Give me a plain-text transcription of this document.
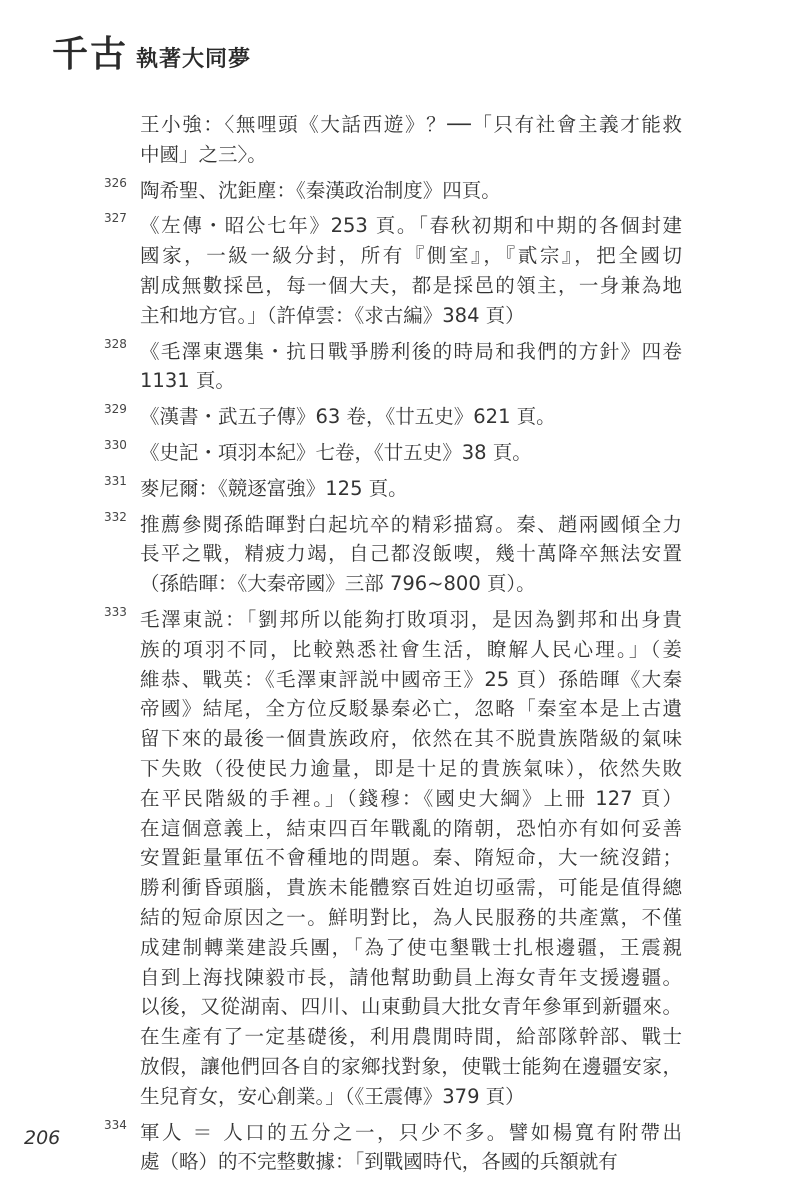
千古 執著大同夢
王小強：〈無哩頭《大話西遊》？──「只有社會主義才能救
中國」之三〉。
326 陶希聖、沈鉅塵：《秦漢政治制度》四頁。
327 《左傳・昭公七年》253 頁。「春秋初期和中期的各個封建
國家，一級一級分封，所有『側室』，『貳宗』，把全國切
割成無數採邑，每一個大夫，都是採邑的領主，一身兼為地
主和地方官。」（許倬雲：《求古編》384 頁）
328 《毛澤東選集・抗日戰爭勝利後的時局和我們的方針》四卷
1131 頁。
329 《漢書・武五子傳》63 卷，《廿五史》621 頁。
330 《史記・項羽本紀》七卷，《廿五史》38 頁。
331 麥尼爾：《競逐富強》125 頁。
332 推薦參閱孫皓暉對白起坑卒的精彩描寫。秦、趙兩國傾全力
長平之戰，精疲力竭，自己都沒飯喫，幾十萬降卒無法安置
（孫皓暉：《大秦帝國》三部 796~800 頁）。
333 毛澤東説：「劉邦所以能夠打敗項羽，是因為劉邦和出身貴
族的項羽不同，比較熟悉社會生活，瞭解人民心理。」（姜
維恭、戰英：《毛澤東評説中國帝王》25 頁）孫皓暉《大秦
帝國》結尾，全方位反駁暴秦必亡，忽略「秦室本是上古遺
留下來的最後一個貴族政府，依然在其不脱貴族階級的氣味
下失敗（役使民力逾量，即是十足的貴族氣味），依然失敗
在平民階級的手裡。」（錢穆：《國史大綱》上冊 127 頁）
在這個意義上，結束四百年戰亂的隋朝，恐怕亦有如何妥善
安置鉅量軍伍不會種地的問題。秦、隋短命，大一統沒錯；
勝利衝昏頭腦，貴族未能體察百姓迫切亟需，可能是值得總
結的短命原因之一。鮮明對比，為人民服務的共產黨，不僅
成建制轉業建設兵團，「為了使屯墾戰士扎根邊疆，王震親
自到上海找陳毅市長，請他幫助動員上海女青年支援邊疆。
以後，又從湖南、四川、山東動員大批女青年參軍到新疆來。
在生產有了一定基礎後，利用農閒時間，給部隊幹部、戰士
放假，讓他們回各自的家鄉找對象，使戰士能夠在邊疆安家，
生兒育女，安心創業。」（《王震傳》379 頁）
334 軍人 ＝ 人口的五分之一，只少不多。譬如楊寬有附帶出
處（略）的不完整數據：「到戰國時代，各國的兵額就有
206
